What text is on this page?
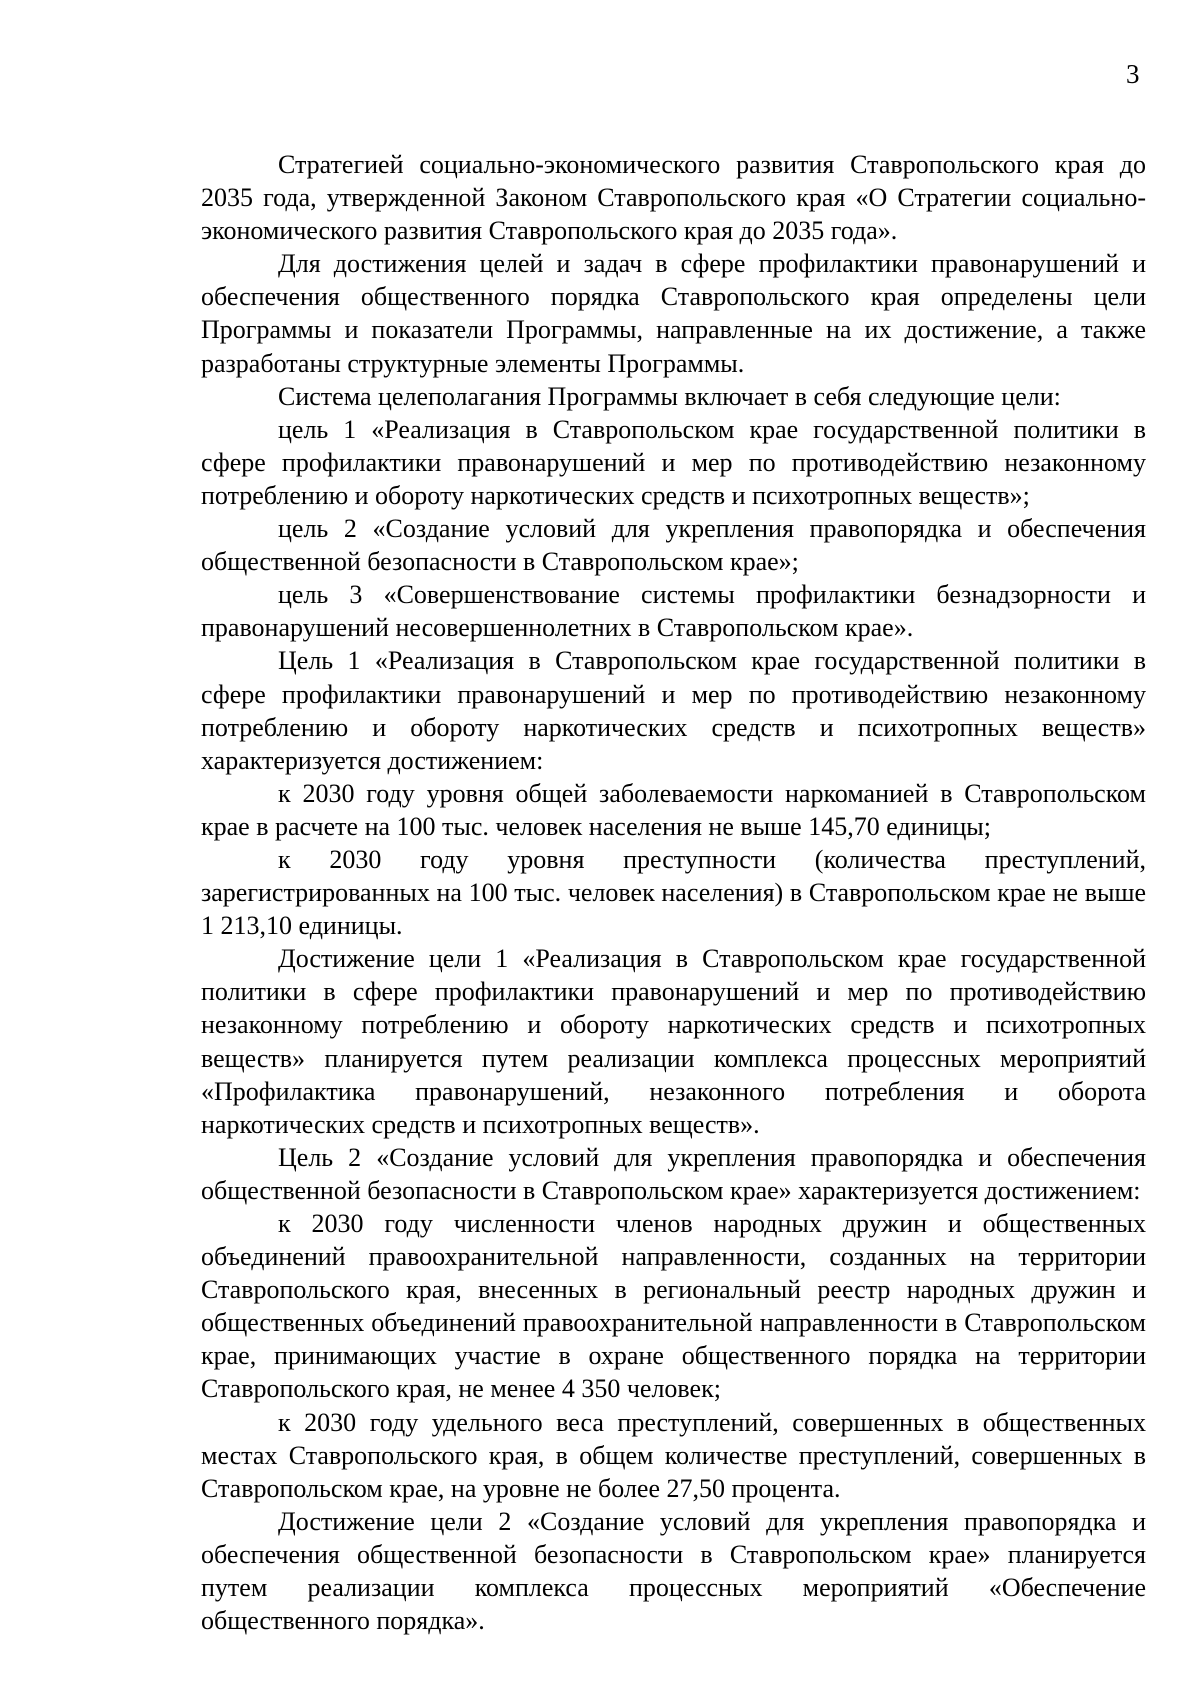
3

Стратегией социально-экономического развития Ставропольского края до 2035 года, утвержденной Законом Ставропольского края «О Стратегии социально-экономического развития Ставропольского края до 2035 года».

Для достижения целей и задач в сфере профилактики правонарушений и обеспечения общественного порядка Ставропольского края определены цели Программы и показатели Программы, направленные на их достижение, а также разработаны структурные элементы Программы.

Система целеполагания Программы включает в себя следующие цели:

цель 1 «Реализация в Ставропольском крае государственной политики в сфере профилактики правонарушений и мер по противодействию незаконному потреблению и обороту наркотических средств и психотропных веществ»;

цель 2 «Создание условий для укрепления правопорядка и обеспечения общественной безопасности в Ставропольском крае»;

цель 3 «Совершенствование системы профилактики безнадзорности и правонарушений несовершеннолетних в Ставропольском крае».

Цель 1 «Реализация в Ставропольском крае государственной политики в сфере профилактики правонарушений и мер по противодействию незаконному потреблению и обороту наркотических средств и психотропных веществ» характеризуется достижением:

к 2030 году уровня общей заболеваемости наркоманией в Ставропольском крае в расчете на 100 тыс. человек населения не выше 145,70 единицы;

к 2030 году уровня преступности (количества преступлений, зарегистрированных на 100 тыс. человек населения) в Ставропольском крае не выше 1 213,10 единицы.

Достижение цели 1 «Реализация в Ставропольском крае государственной политики в сфере профилактики правонарушений и мер по противодействию незаконному потреблению и обороту наркотических средств и психотропных веществ» планируется путем реализации комплекса процессных мероприятий «Профилактика правонарушений, незаконного потребления и оборота наркотических средств и психотропных веществ».

Цель 2 «Создание условий для укрепления правопорядка и обеспечения общественной безопасности в Ставропольском крае» характеризуется достижением:

к 2030 году численности членов народных дружин и общественных объединений правоохранительной направленности, созданных на территории Ставропольского края, внесенных в региональный реестр народных дружин и общественных объединений правоохранительной направленности в Ставропольском крае, принимающих участие в охране общественного порядка на территории Ставропольского края, не менее 4 350 человек;

к 2030 году удельного веса преступлений, совершенных в общественных местах Ставропольского края, в общем количестве преступлений, совершенных в Ставропольском крае, на уровне не более 27,50 процента.

Достижение цели 2 «Создание условий для укрепления правопорядка и обеспечения общественной безопасности в Ставропольском крае» планируется путем реализации комплекса процессных мероприятий «Обеспечение общественного порядка».
